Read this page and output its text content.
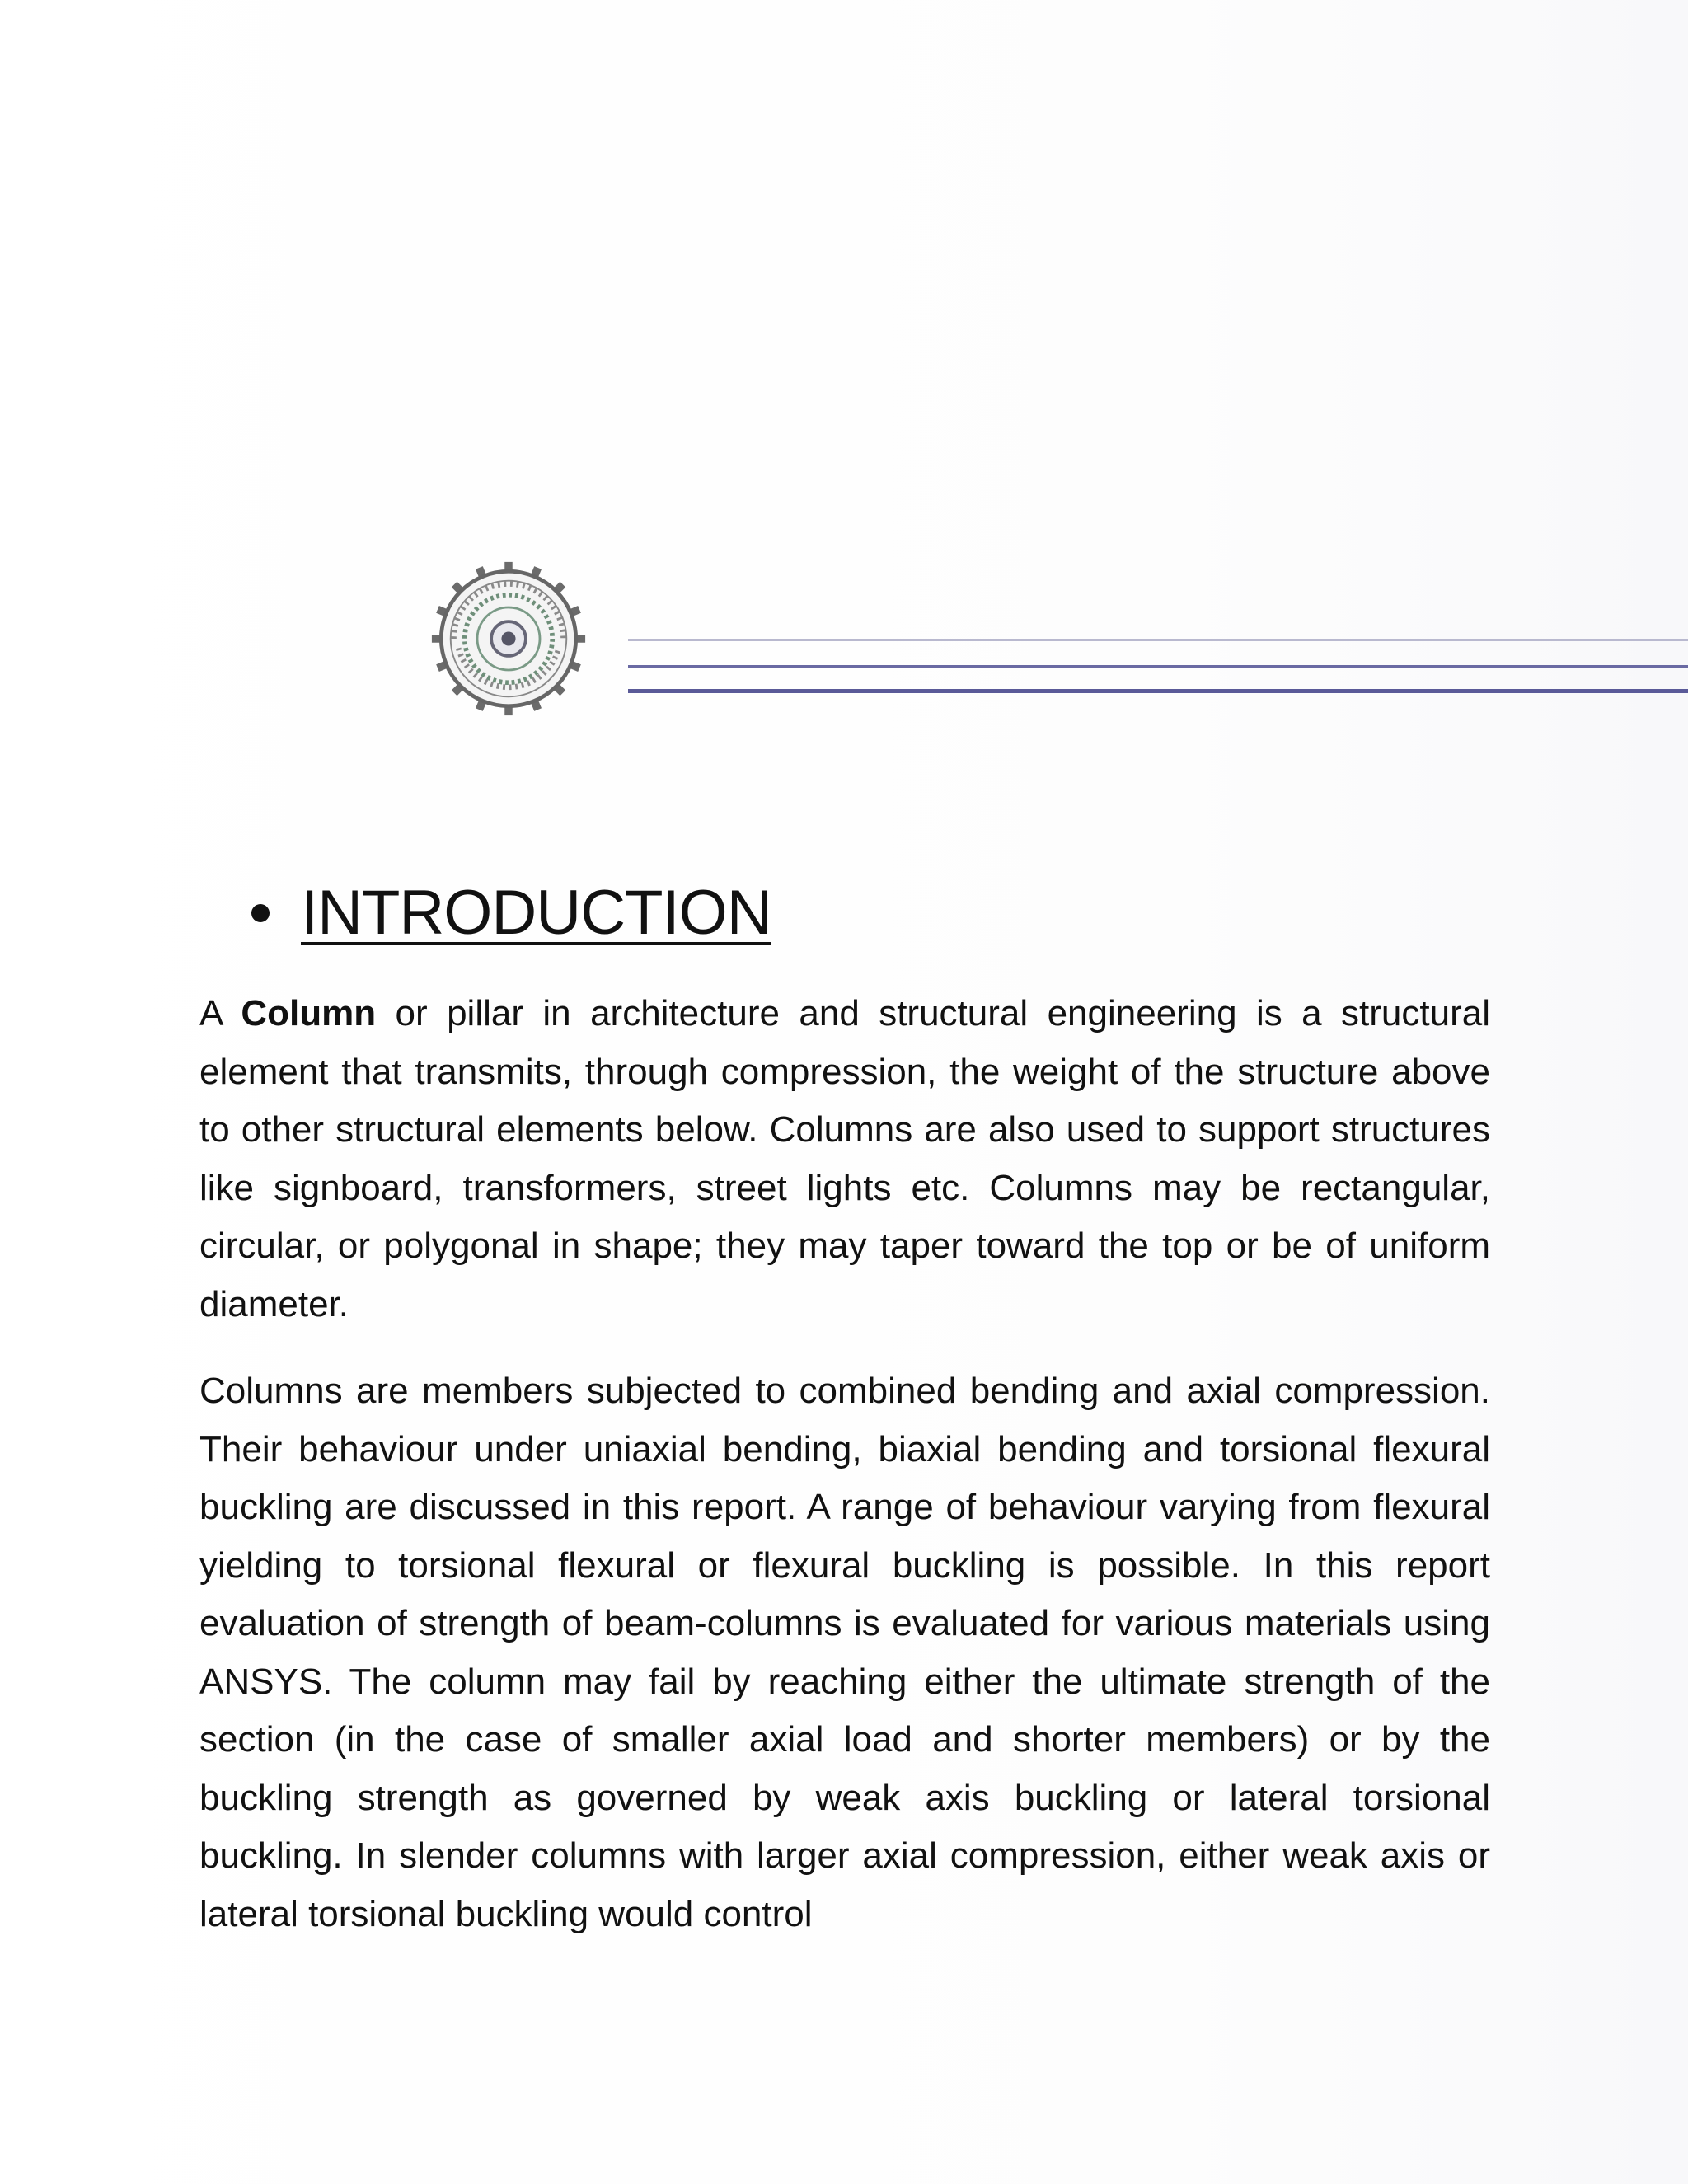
INTRODUCTION

A Column or pillar in architecture and structural engineering is a structural element that transmits, through compression, the weight of the structure above to other structural elements below. Columns are also used to support structures like signboard, transformers, street lights etc. Columns may be rectangular, circular, or polygonal in shape; they may taper toward the top or be of uniform diameter.

Columns are members subjected to combined bending and axial compression. Their behaviour under uniaxial bending, biaxial bending and torsional flexural buckling are discussed in this report. A range of behaviour varying from flexural yielding to torsional flexural or flexural buckling is possible. In this report evaluation of strength of beam-columns is evaluated for various materials using ANSYS. The column may fail by reaching either the ultimate strength of the section (in the case of smaller axial load and shorter members) or by the buckling strength as governed by weak axis buckling or lateral torsional buckling. In slender columns with larger axial compression, either weak axis or lateral torsional buckling would control
